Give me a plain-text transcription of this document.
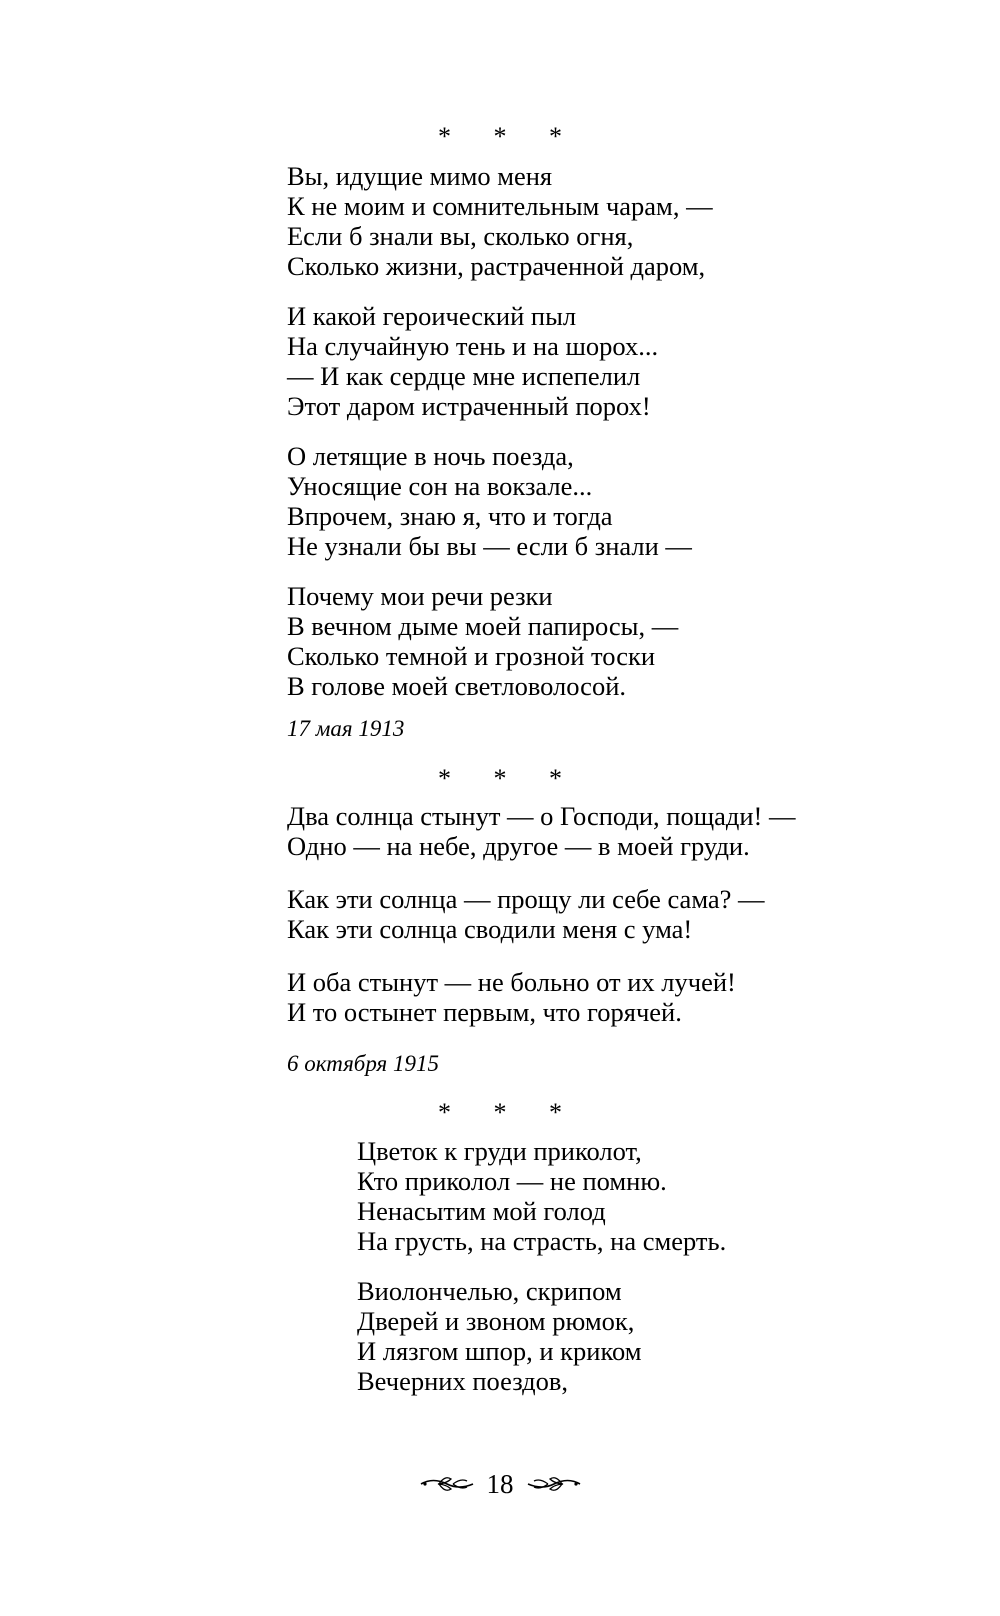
* * *
Вы, идущие мимо меня
К не моим и сомнительным чарам, —
Если б знали вы, сколько огня,
Сколько жизни, растраченной даром,
И какой героический пыл
На случайную тень и на шорох...
— И как сердце мне испепелил
Этот даром истраченный порох!
О летящие в ночь поезда,
Уносящие сон на вокзале...
Впрочем, знаю я, что и тогда
Не узнали бы вы — если б знали —
Почему мои речи резки
В вечном дыме моей папиросы, —
Сколько темной и грозной тоски
В голове моей светловолосой.
17 мая 1913
* * *
Два солнца стынут — о Господи, пощади! —
Одно — на небе, другое — в моей груди.
Как эти солнца — прощу ли себе сама? —
Как эти солнца сводили меня с ума!
И оба стынут — не больно от их лучей!
И то остынет первым, что горячей.
6 октября 1915
* * *
Цветок к груди приколот,
Кто приколол — не помню.
Ненасытим мой голод
На грусть, на страсть, на смерть.
Виолончелью, скрипом
Дверей и звоном рюмок,
И лязгом шпор, и криком
Вечерних поездов,
18
